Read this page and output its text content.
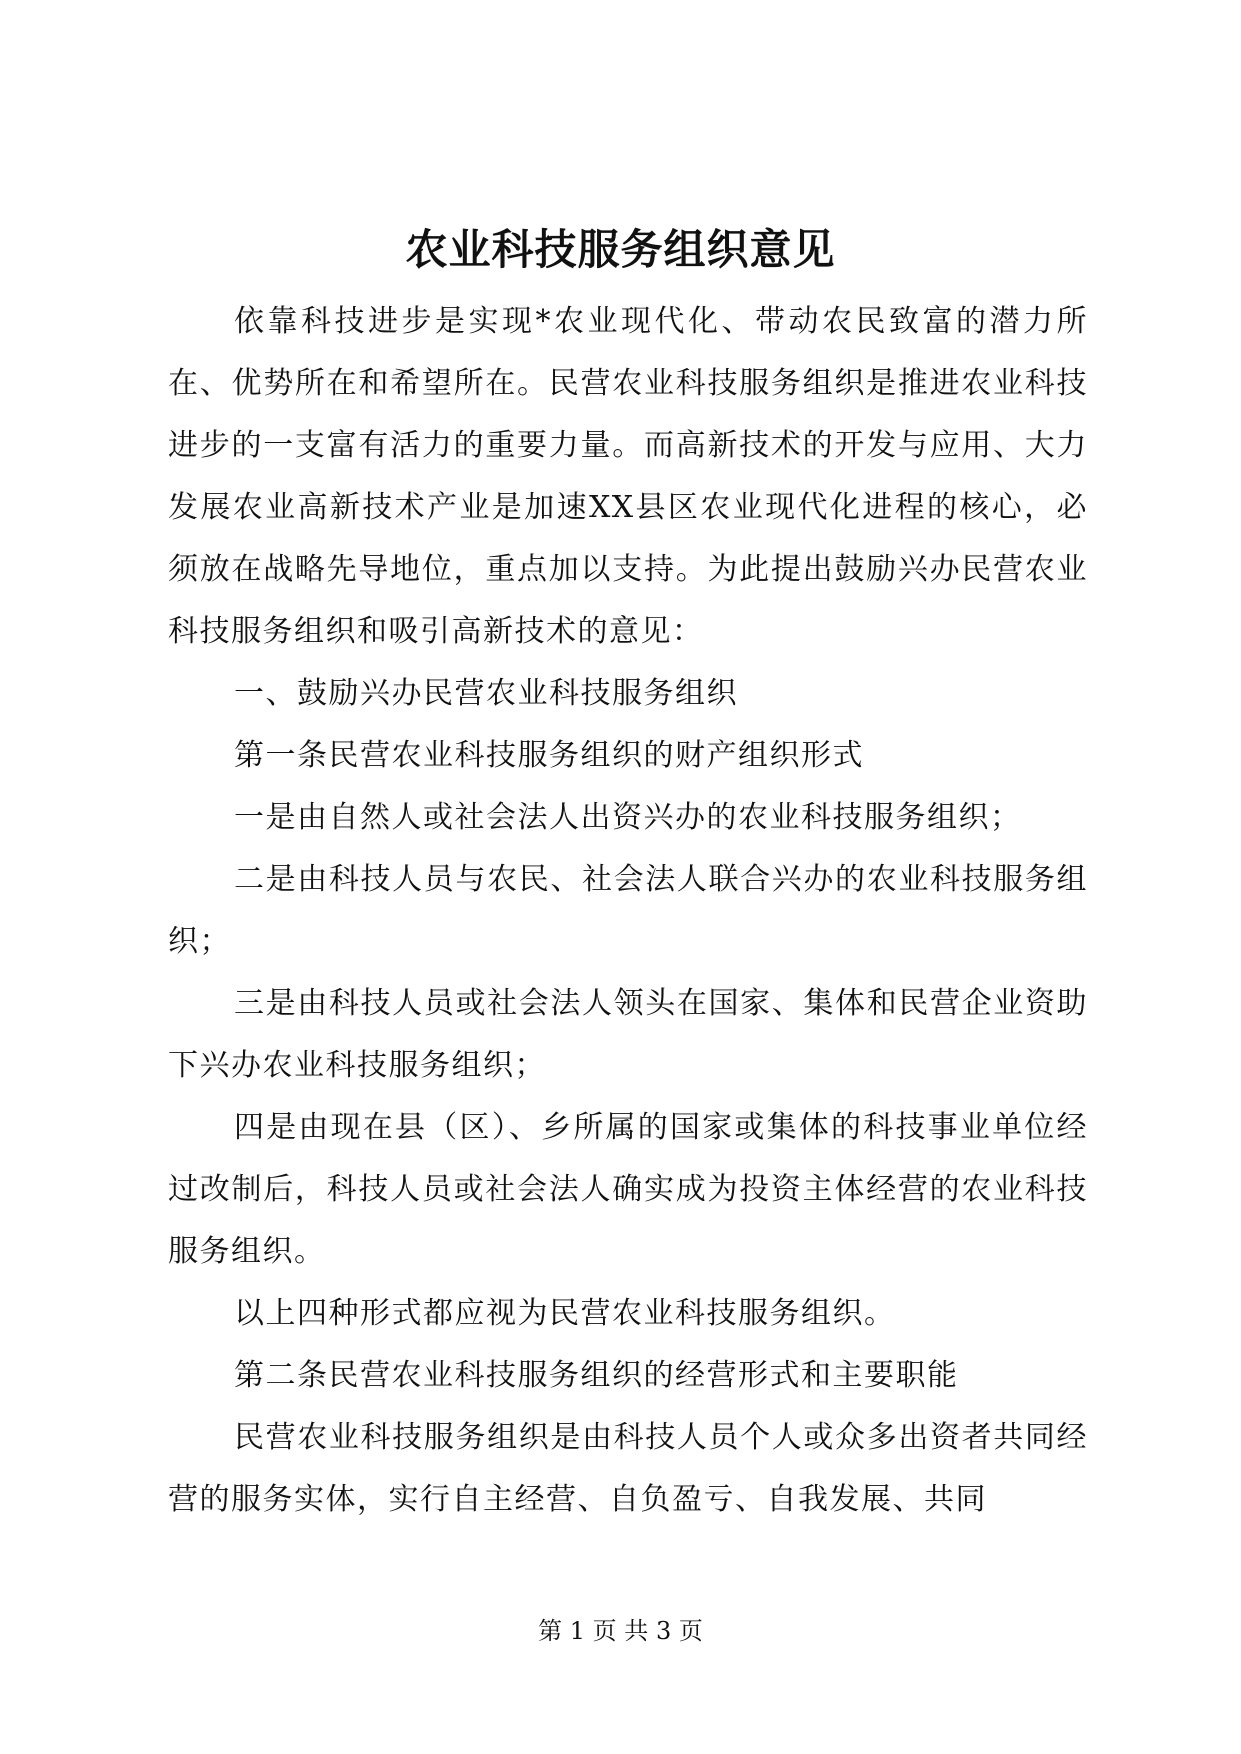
农业科技服务组织意见

依靠科技进步是实现*农业现代化、带动农民致富的潜力所在、优势所在和希望所在。民营农业科技服务组织是推进农业科技进步的一支富有活力的重要力量。而高新技术的开发与应用、大力发展农业高新技术产业是加速XX县区农业现代化进程的核心，必须放在战略先导地位，重点加以支持。为此提出鼓励兴办民营农业科技服务组织和吸引高新技术的意见：

一、鼓励兴办民营农业科技服务组织

第一条民营农业科技服务组织的财产组织形式

一是由自然人或社会法人出资兴办的农业科技服务组织；

二是由科技人员与农民、社会法人联合兴办的农业科技服务组织；

三是由科技人员或社会法人领头在国家、集体和民营企业资助下兴办农业科技服务组织；

四是由现在县（区）、乡所属的国家或集体的科技事业单位经过改制后，科技人员或社会法人确实成为投资主体经营的农业科技服务组织。

以上四种形式都应视为民营农业科技服务组织。

第二条民营农业科技服务组织的经营形式和主要职能

民营农业科技服务组织是由科技人员个人或众多出资者共同经营的服务实体，实行自主经营、自负盈亏、自我发展、共同

第 1 页 共 3 页
